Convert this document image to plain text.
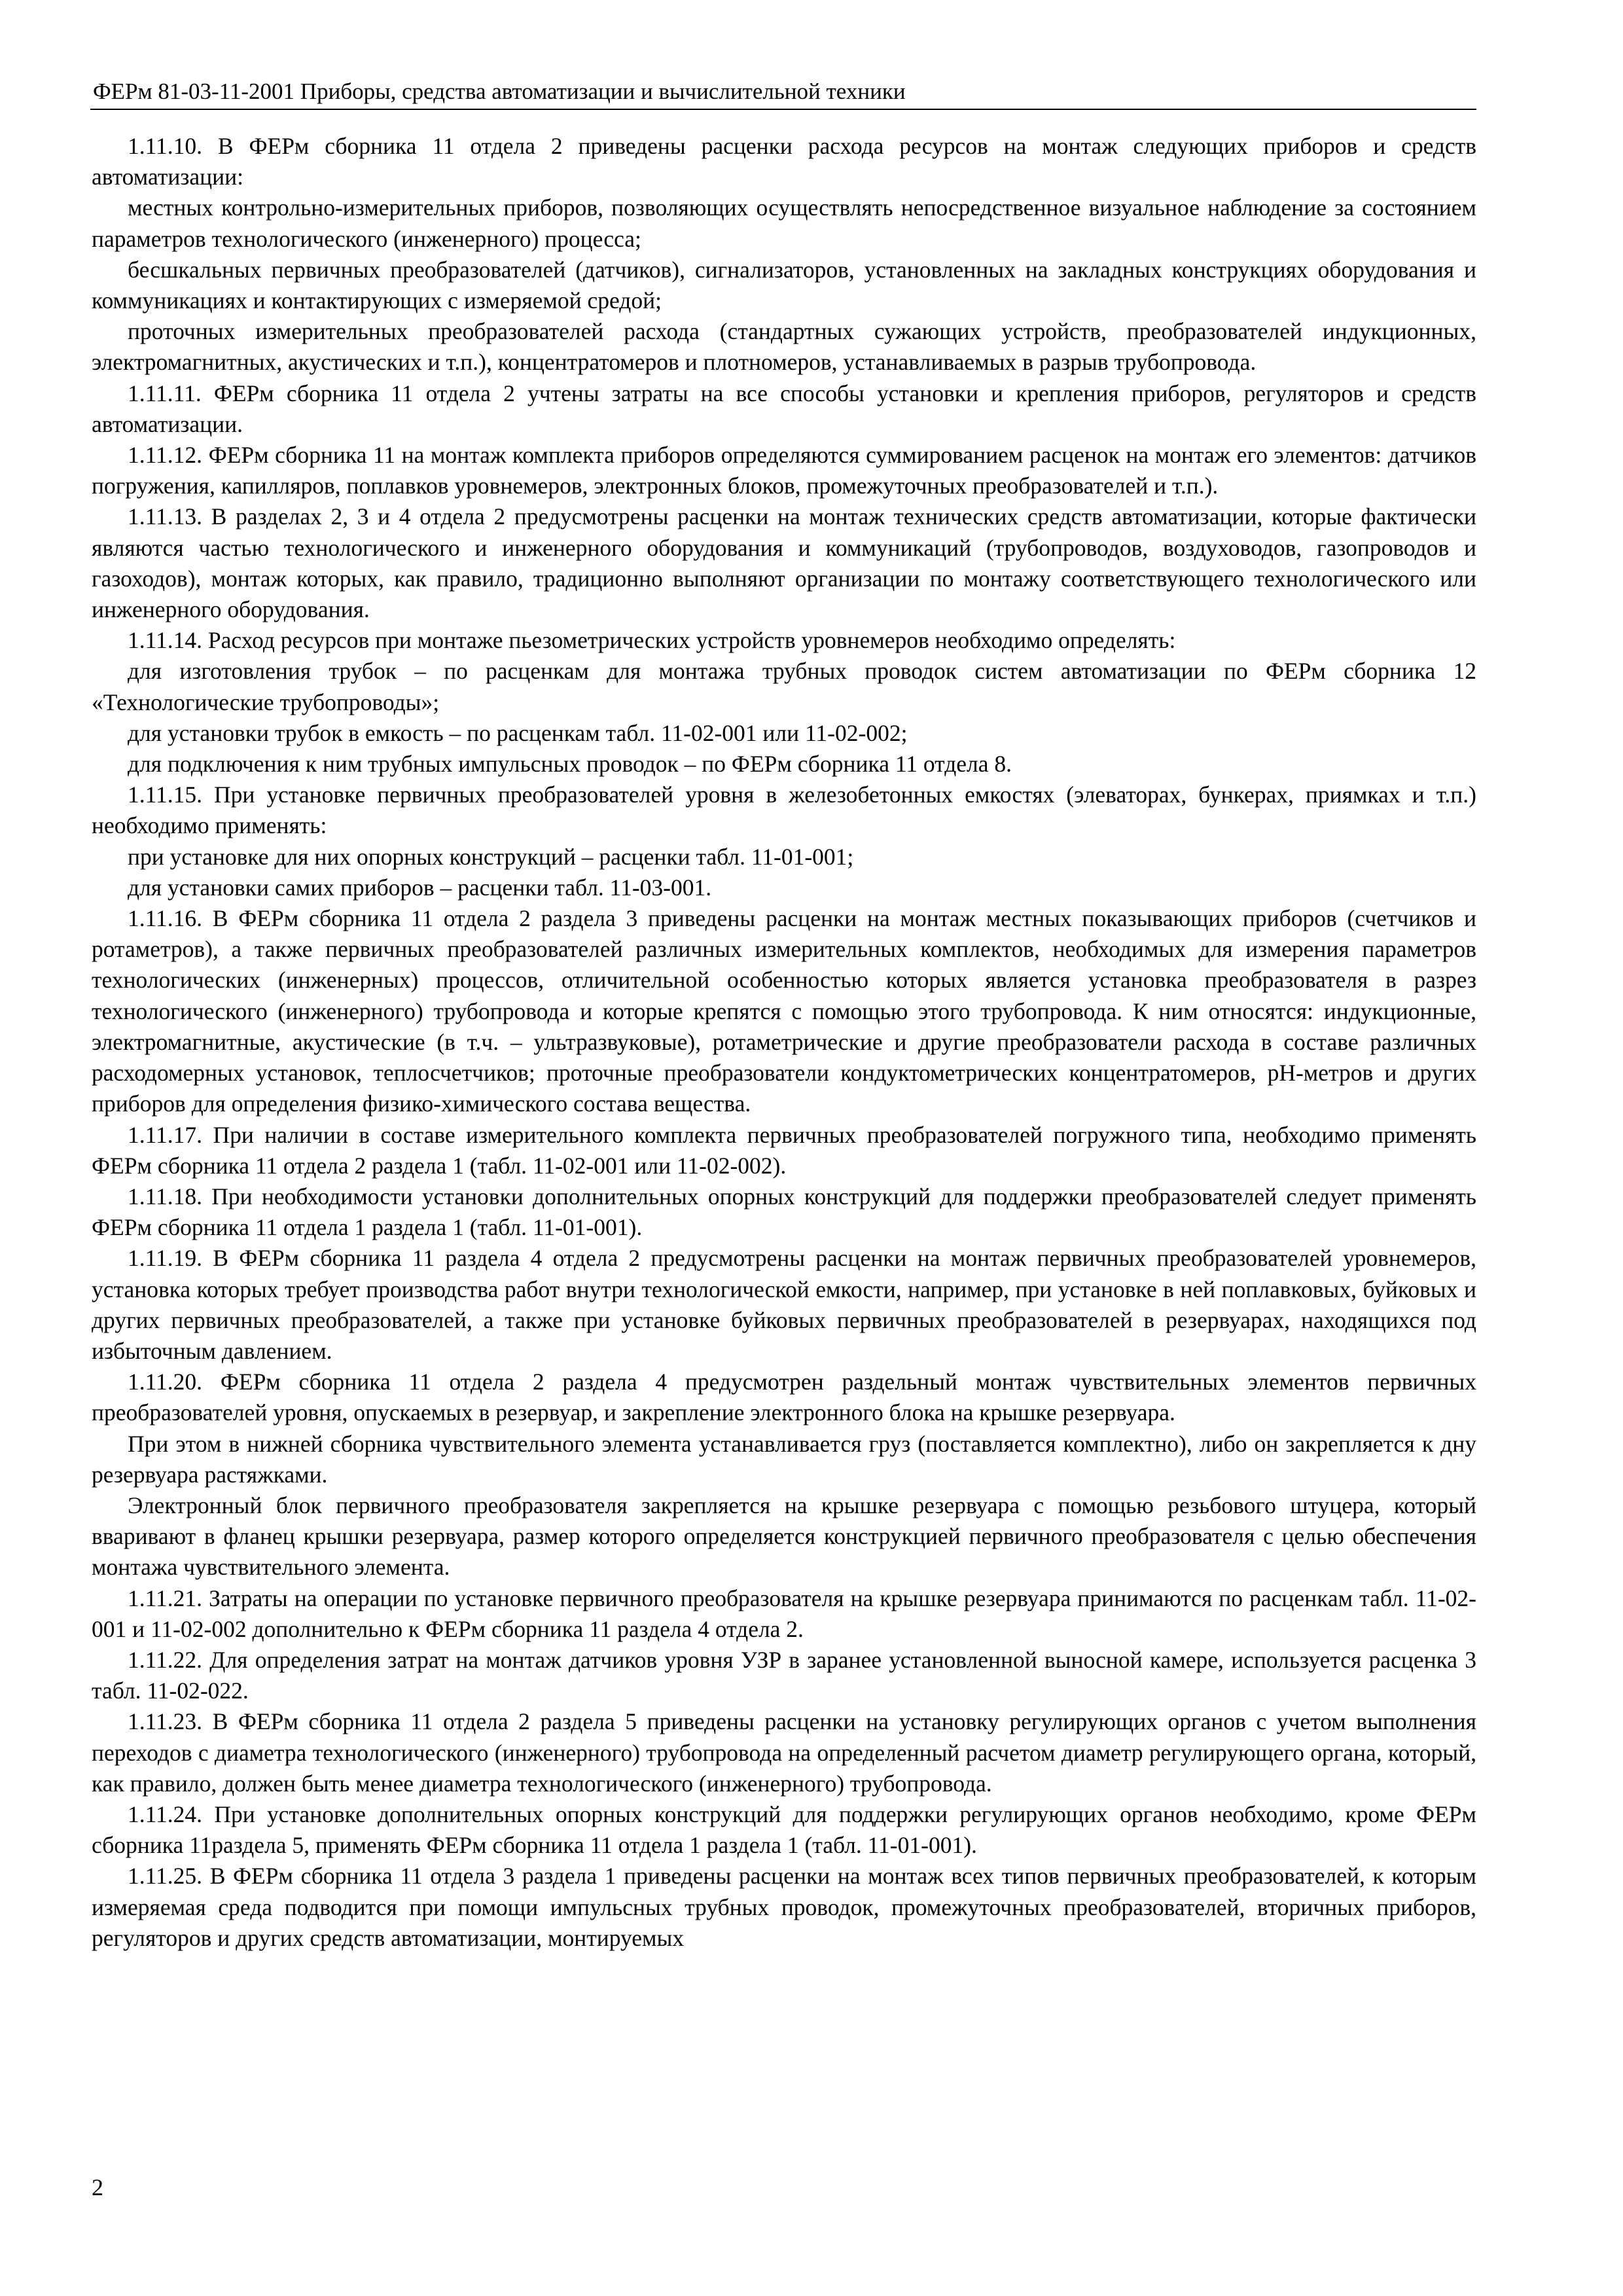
ФЕРм 81-03-11-2001 Приборы, средства автоматизации и вычислительной техники

1.11.10. В ФЕРм сборника 11 отдела 2 приведены расценки расхода ресурсов на монтаж следующих приборов и средств автоматизации:

местных контрольно-измерительных приборов, позволяющих осуществлять непосредственное визуальное наблюдение за состоянием параметров технологического (инженерного) процесса;

бесшкальных первичных преобразователей (датчиков), сигнализаторов, установленных на закладных конструкциях оборудования и коммуникациях и контактирующих с измеряемой средой;

проточных измерительных преобразователей расхода (стандартных сужающих устройств, преобразователей индукционных, электромагнитных, акустических и т.п.), концентратомеров и плотномеров, устанавливаемых в разрыв трубопровода.

1.11.11. ФЕРм сборника 11 отдела 2 учтены затраты на все способы установки и крепления приборов, регуляторов и средств автоматизации.

1.11.12. ФЕРм сборника 11 на монтаж комплекта приборов определяются суммированием расценок на монтаж его элементов: датчиков погружения, капилляров, поплавков уровнемеров, электронных блоков, промежуточных преобразователей и т.п.).

1.11.13. В разделах 2, 3 и 4 отдела 2 предусмотрены расценки на монтаж технических средств автоматизации, которые фактически являются частью технологического и инженерного оборудования и коммуникаций (трубопроводов, воздуховодов, газопроводов и газоходов), монтаж которых, как правило, традиционно выполняют организации по монтажу соответствующего технологического или инженерного оборудования.

1.11.14. Расход ресурсов при монтаже пьезометрических устройств уровнемеров необходимо определять:

для изготовления трубок – по расценкам для монтажа трубных проводок систем автоматизации по ФЕРм сборника 12 «Технологические трубопроводы»;

для установки трубок в емкость – по расценкам табл. 11-02-001 или 11-02-002;

для подключения к ним трубных импульсных проводок – по ФЕРм сборника 11 отдела 8.

1.11.15. При установке первичных преобразователей уровня в железобетонных емкостях (элеваторах, бункерах, приямках и т.п.) необходимо применять:

при установке для них опорных конструкций – расценки табл. 11-01-001;

для установки самих приборов – расценки табл. 11-03-001.

1.11.16. В ФЕРм сборника 11 отдела 2 раздела 3 приведены расценки на монтаж местных показывающих приборов (счетчиков и ротаметров), а также первичных преобразователей различных измерительных комплектов, необходимых для измерения параметров технологических (инженерных) процессов, отличительной особенностью которых является установка преобразователя в разрез технологического (инженерного) трубопровода и которые крепятся с помощью этого трубопровода. К ним относятся: индукционные, электромагнитные, акустические (в т.ч. – ультразвуковые), ротаметрические и другие преобразователи расхода в составе различных расходомерных установок, теплосчетчиков; проточные преобразователи кондуктометрических концентратомеров, pH-метров и других приборов для определения физико-химического состава вещества.

1.11.17. При наличии в составе измерительного комплекта первичных преобразователей погружного типа, необходимо применять ФЕРм сборника 11 отдела 2 раздела 1 (табл. 11-02-001 или 11-02-002).

1.11.18. При необходимости установки дополнительных опорных конструкций для поддержки преобразователей следует применять ФЕРм сборника 11 отдела 1 раздела 1 (табл. 11-01-001).

1.11.19. В ФЕРм сборника 11 раздела 4 отдела 2 предусмотрены расценки на монтаж первичных преобразователей уровнемеров, установка которых требует производства работ внутри технологической емкости, например, при установке в ней поплавковых, буйковых и других первичных преобразователей, а также при установке буйковых первичных преобразователей в резервуарах, находящихся под избыточным давлением.

1.11.20. ФЕРм сборника 11 отдела 2 раздела 4 предусмотрен раздельный монтаж чувствительных элементов первичных преобразователей уровня, опускаемых в резервуар, и закрепление электронного блока на крышке резервуара.

При этом в нижней сборника чувствительного элемента устанавливается груз (поставляется комплектно), либо он закрепляется к дну резервуара растяжками.

Электронный блок первичного преобразователя закрепляется на крышке резервуара с помощью резьбового штуцера, который вваривают в фланец крышки резервуара, размер которого определяется конструкцией первичного преобразователя с целью обеспечения монтажа чувствительного элемента.

1.11.21. Затраты на операции по установке первичного преобразователя на крышке резервуара принимаются по расценкам табл. 11-02-001 и 11-02-002 дополнительно к ФЕРм сборника 11 раздела 4 отдела 2.

1.11.22. Для определения затрат на монтаж датчиков уровня УЗР в заранее установленной выносной камере, используется расценка 3 табл. 11-02-022.

1.11.23. В ФЕРм сборника 11 отдела 2 раздела 5 приведены расценки на установку регулирующих органов с учетом выполнения переходов с диаметра технологического (инженерного) трубопровода на определенный расчетом диаметр регулирующего органа, который, как правило, должен быть менее диаметра технологического (инженерного) трубопровода.

1.11.24. При установке дополнительных опорных конструкций для поддержки регулирующих органов необходимо, кроме ФЕРм сборника 11раздела 5, применять ФЕРм сборника 11 отдела 1 раздела 1 (табл. 11-01-001).

1.11.25. В ФЕРм сборника 11 отдела 3 раздела 1 приведены расценки на монтаж всех типов первичных преобразователей, к которым измеряемая среда подводится при помощи импульсных трубных проводок, промежуточных преобразователей, вторичных приборов, регуляторов и других средств автоматизации, монтируемых

2
